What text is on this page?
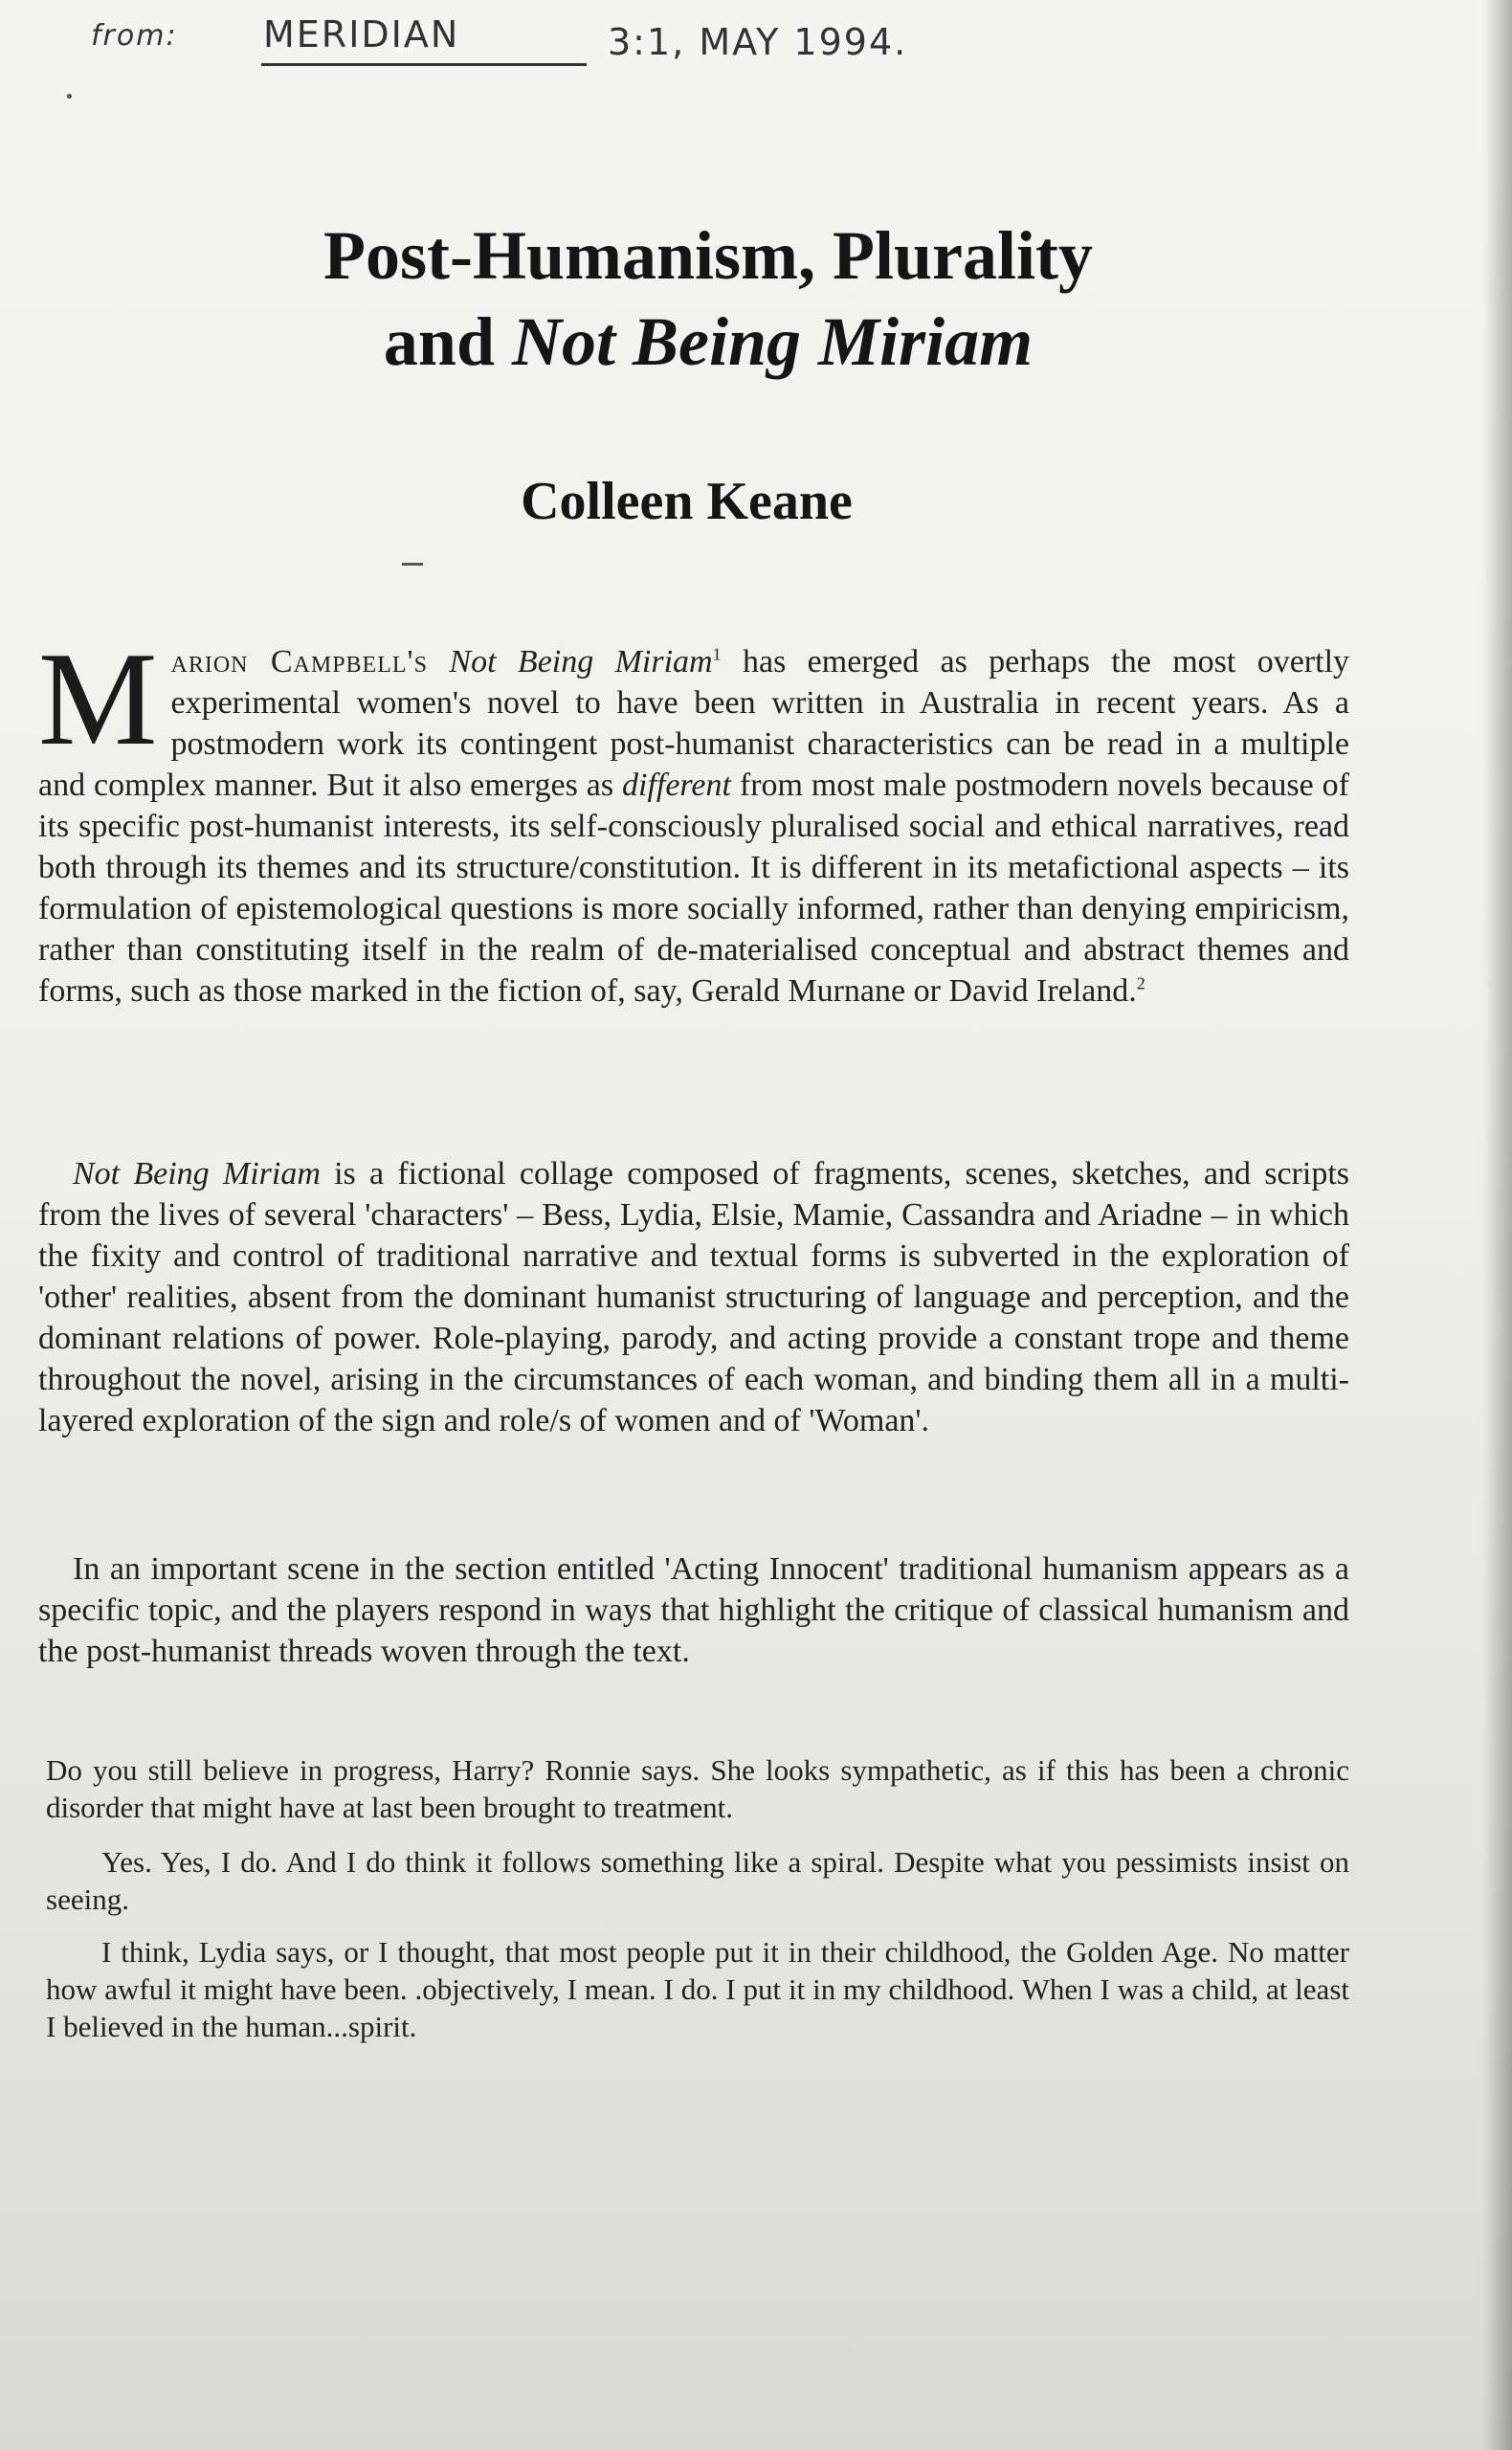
from: MERIDIAN	3:1, MAY 1994.
Post-Humanism, Plurality
and Not Being Miriam
Colleen Keane
Marion Campbell's Not Being Miriam$^1$ has emerged as perhaps the most overtly experimental women's novel to have been written in Australia in recent years. As a postmodern work its contingent post-humanist characteristics can be read in a multiple and complex manner. But it also emerges as different from most male postmodern novels because of its specific post-humanist interests, its self-consciously pluralised social and ethical narratives, read both through its themes and its structure/constitution. It is different in its metafictional aspects – its formulation of epistemological questions is more socially informed, rather than denying empiricism, rather than constituting itself in the realm of de-materialised conceptual and abstract themes and forms, such as those marked in the fiction of, say, Gerald Murnane or David Ireland.$^2$
Not Being Miriam is a fictional collage composed of fragments, scenes, sketches, and scripts from the lives of several 'characters' – Bess, Lydia, Elsie, Mamie, Cassandra and Ariadne – in which the fixity and control of traditional narrative and textual forms is subverted in the exploration of 'other' realities, absent from the dominant humanist structuring of language and perception, and the dominant relations of power. Role-playing, parody, and acting provide a constant trope and theme throughout the novel, arising in the circumstances of each woman, and binding them all in a multi-layered exploration of the sign and role/s of women and of 'Woman'.
In an important scene in the section entitled 'Acting Innocent' traditional humanism appears as a specific topic, and the players respond in ways that highlight the critique of classical humanism and the post-humanist threads woven through the text.
Do you still believe in progress, Harry? Ronnie says. She looks sympathetic, as if this has been a chronic disorder that might have at last been brought to treatment.
Yes. Yes, I do. And I do think it follows something like a spiral. Despite what you pessimists insist on seeing.
I think, Lydia says, or I thought, that most people put it in their childhood, the Golden Age. No matter how awful it might have been. .objectively, I mean. I do. I put it in my childhood. When I was a child, at least I believed in the human...spirit.
